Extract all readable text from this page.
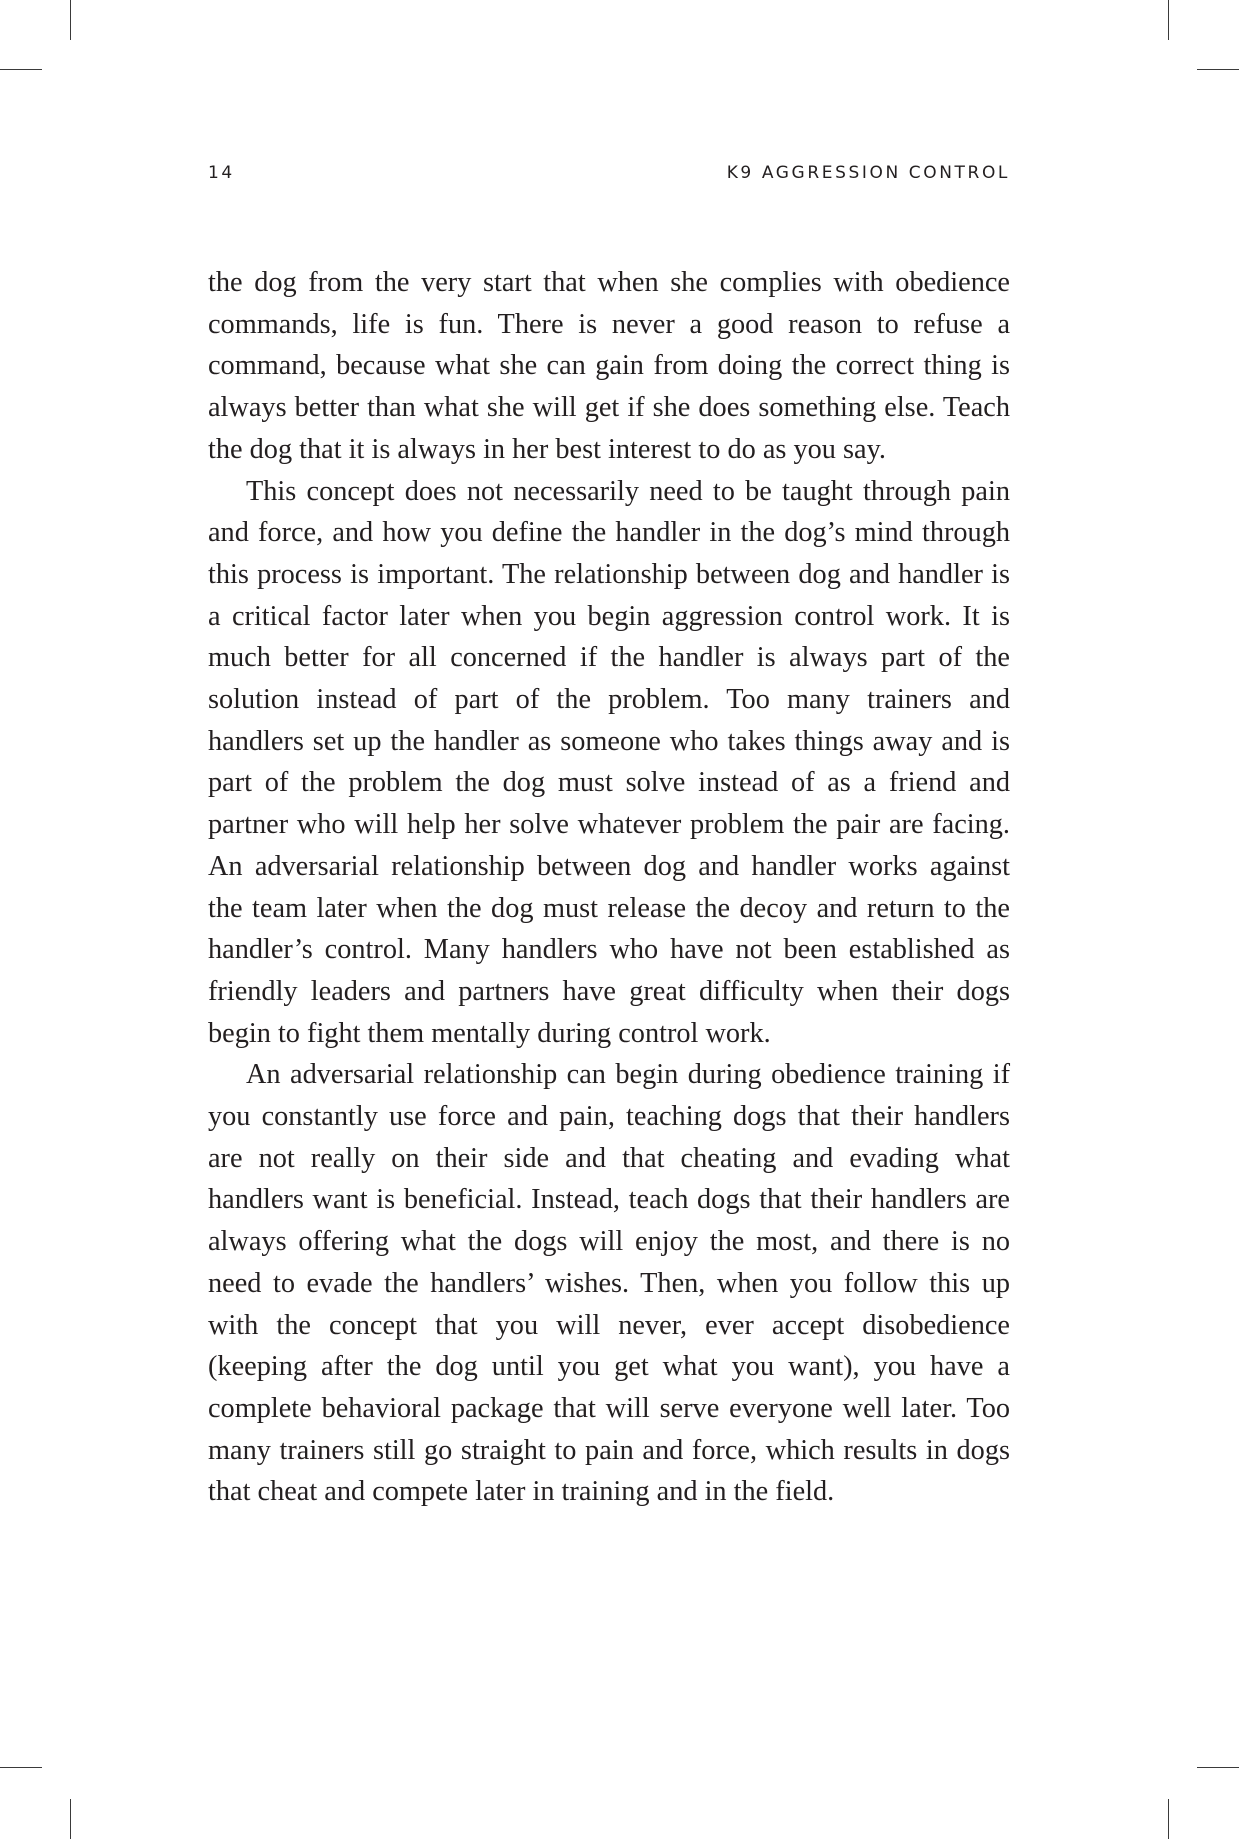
14	K9 AGGRESSION CONTROL

the dog from the very start that when she complies with obedience commands, life is fun. There is never a good reason to refuse a command, because what she can gain from doing the correct thing is always better than what she will get if she does something else. Teach the dog that it is always in her best interest to do as you say.

This concept does not necessarily need to be taught through pain and force, and how you define the handler in the dog’s mind through this process is important. The relationship between dog and handler is a critical factor later when you begin aggression control work. It is much better for all concerned if the handler is always part of the solution instead of part of the problem. Too many trainers and handlers set up the handler as someone who takes things away and is part of the problem the dog must solve instead of as a friend and partner who will help her solve whatever problem the pair are facing. An adversarial relationship between dog and handler works against the team later when the dog must release the decoy and return to the handler’s control. Many handlers who have not been established as friendly leaders and partners have great difficulty when their dogs begin to fight them mentally during control work.

An adversarial relationship can begin during obedience training if you constantly use force and pain, teaching dogs that their handlers are not really on their side and that cheating and evading what handlers want is beneficial. Instead, teach dogs that their handlers are always offering what the dogs will enjoy the most, and there is no need to evade the handlers’ wishes. Then, when you follow this up with the concept that you will never, ever accept disobedience (keeping after the dog until you get what you want), you have a complete behavioral package that will serve everyone well later. Too many trainers still go straight to pain and force, which results in dogs that cheat and compete later in training and in the field.
